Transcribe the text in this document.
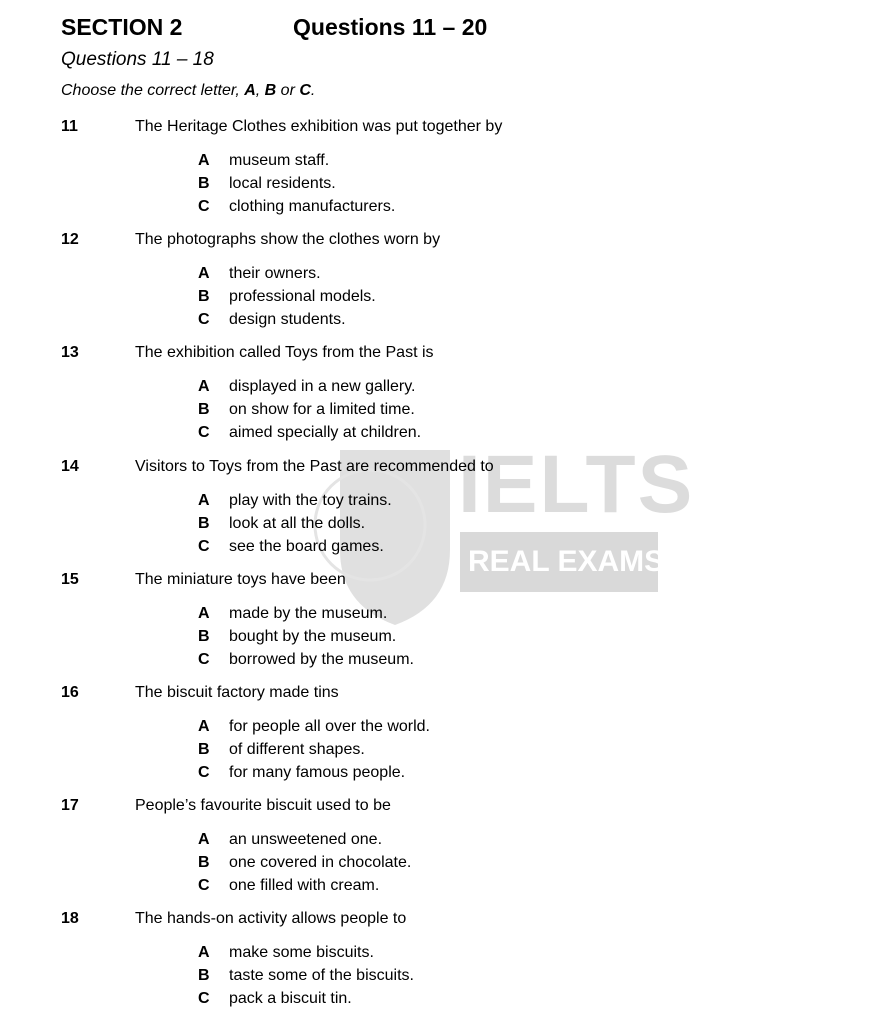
IELTS
REAL EXAMS
SECTION 2	Questions 11 – 20
Questions 11 – 18
Choose the correct letter, A, B or C.
11	The Heritage Clothes exhibition was put together by
A museum staff.
B local residents.
C clothing manufacturers.
12	The photographs show the clothes worn by
A their owners.
B professional models.
C design students.
13	The exhibition called Toys from the Past is
A displayed in a new gallery.
B on show for a limited time.
C aimed specially at children.
14	Visitors to Toys from the Past are recommended to
A play with the toy trains.
B look at all the dolls.
C see the board games.
15	The miniature toys have been
A made by the museum.
B bought by the museum.
C borrowed by the museum.
16	The biscuit factory made tins
A for people all over the world.
B of different shapes.
C for many famous people.
17	People’s favourite biscuit used to be
A an unsweetened one.
B one covered in chocolate.
C one filled with cream.
18	The hands-on activity allows people to
A make some biscuits.
B taste some of the biscuits.
C pack a biscuit tin.
